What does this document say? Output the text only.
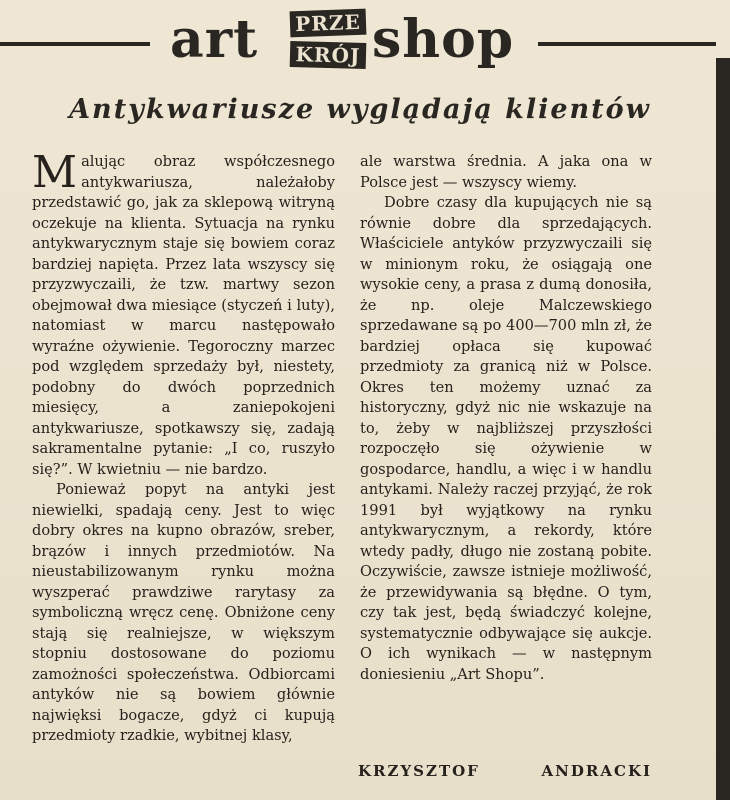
art PRZE
KRÓJ shop
Antykwariusze wyglądają klientów

Malując obraz współczesnego antykwariusza, należałoby przedstawić go, jak za sklepową witryną oczekuje na klienta. Sytuacja na rynku antykwarycznym staje się bowiem coraz bardziej napięta. Przez lata wszyscy się przyzwyczaili, że tzw. martwy sezon obejmował dwa miesiące (styczeń i luty), natomiast w marcu następowało wyraźne ożywienie. Tegoroczny marzec pod względem sprzedaży był, niestety, podobny do dwóch poprzednich miesięcy, a zaniepokojeni antykwariusze, spotkawszy się, zadają sakramentalne pytanie: „I co, ruszyło się?”. W kwietniu — nie bardzo.

Ponieważ popyt na antyki jest niewielki, spadają ceny. Jest to więc dobry okres na kupno obrazów, sreber, brązów i innych przedmiotów. Na nieustabilizowanym rynku można wyszperać prawdziwe rarytasy za symboliczną wręcz cenę. Obniżone ceny stają się realniejsze, w większym stopniu dostosowane do poziomu zamożności społeczeństwa. Odbiorcami antyków nie są bowiem głównie najwięksi bogacze, gdyż ci kupują przedmioty rzadkie, wybitnej klasy,

ale warstwa średnia. A jaka ona w Polsce jest — wszyscy wiemy.

Dobre czasy dla kupujących nie są równie dobre dla sprzedających. Właściciele antyków przyzwyczaili się w minionym roku, że osiągają one wysokie ceny, a prasa z dumą donosiła, że np. oleje Malczewskiego sprzedawane są po 400—700 mln zł, że bardziej opłaca się kupować przedmioty za granicą niż w Polsce. Okres ten możemy uznać za historyczny, gdyż nic nie wskazuje na to, żeby w najbliższej przyszłości rozpoczęło się ożywienie w gospodarce, handlu, a więc i w handlu antykami. Należy raczej przyjąć, że rok 1991 był wyjątkowy na rynku antykwarycznym, a rekordy, które wtedy padły, długo nie zostaną pobite. Oczywiście, zawsze istnieje możliwość, że przewidywania są błędne. O tym, czy tak jest, będą świadczyć kolejne, systematycznie odbywające się aukcje. O ich wynikach — w następnym doniesieniu „Art Shopu”.

KRZYSZTOF	ANDRACKI
